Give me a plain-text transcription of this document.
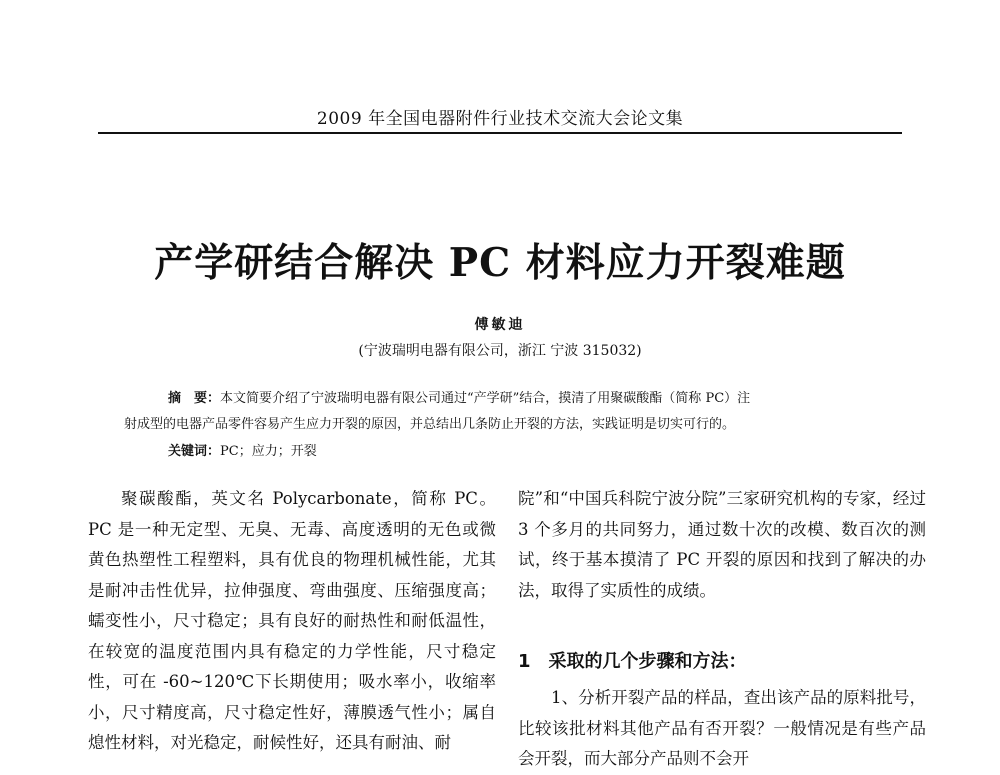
2009 年全国电器附件行业技术交流大会论文集
产学研结合解决 PC 材料应力开裂难题
傅敏迪
(宁波瑞明电器有限公司，浙江 宁波 315032)
摘　要：本文简要介绍了宁波瑞明电器有限公司通过“产学研”结合，摸清了用聚碳酸酯（简称 PC）注
射成型的电器产品零件容易产生应力开裂的原因，并总结出几条防止开裂的方法，实践证明是切实可行的。
关键词：PC；应力；开裂

聚碳酸酯，英文名 Polycarbonate，简称 PC。PC 是一种无定型、无臭、无毒、高度透明的无色或微黄色热塑性工程塑料，具有优良的物理机械性能，尤其是耐冲击性优异，拉伸强度、弯曲强度、压缩强度高；蠕变性小，尺寸稳定；具有良好的耐热性和耐低温性，在较宽的温度范围内具有稳定的力学性能，尺寸稳定性，可在 -60~120℃下长期使用；吸水率小，收缩率小，尺寸精度高，尺寸稳定性好，薄膜透气性小；属自熄性材料，对光稳定，耐候性好，还具有耐油、耐

院”和“中国兵科院宁波分院”三家研究机构的专家，经过 3 个多月的共同努力，通过数十次的改模、数百次的测试，终于基本摸清了 PC 开裂的原因和找到了解决的办法，取得了实质性的成绩。

1　采取的几个步骤和方法：

1、分析开裂产品的样品，查出该产品的原料批号，比较该批材料其他产品有否开裂？一般情况是有些产品会开裂，而大部分产品则不会开
